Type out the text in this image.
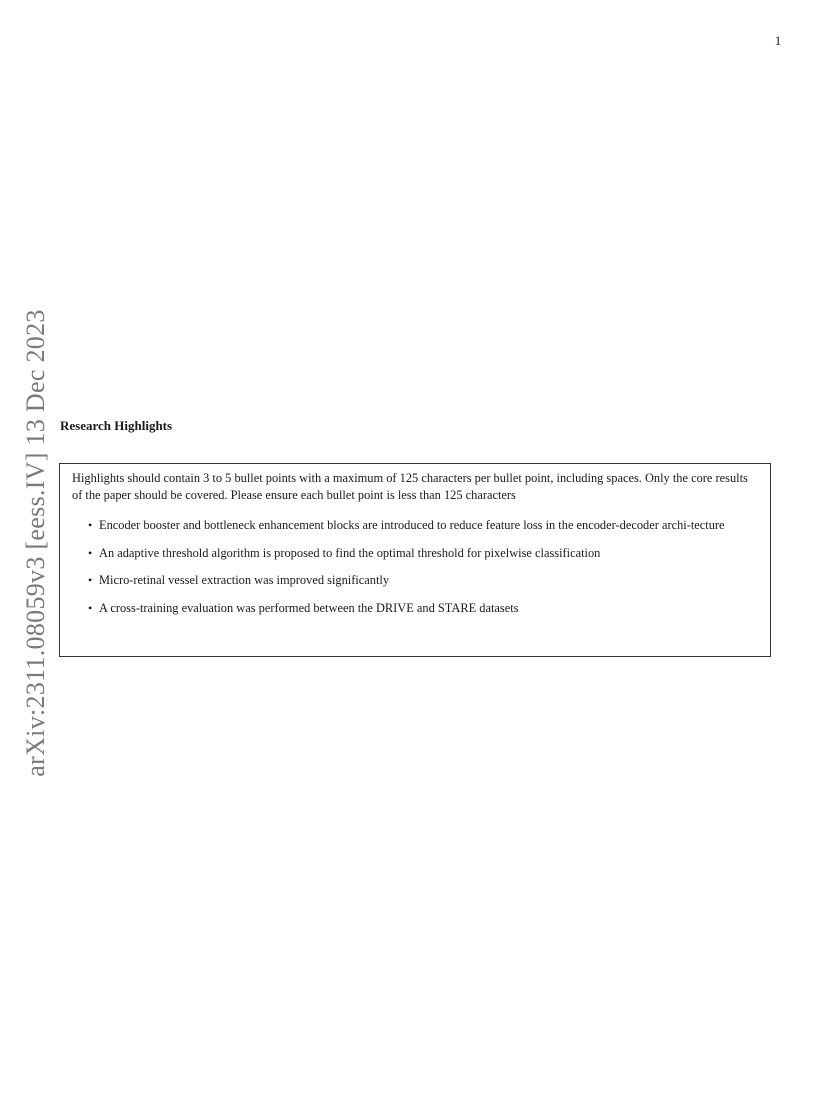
1
arXiv:2311.08059v3 [eess.IV] 13 Dec 2023 Research Highlights

Highlights should contain 3 to 5 bullet points with a maximum of 125 characters per bullet point, including spaces. Only the core results of the paper should be covered. Please ensure each bullet point is less than 125 characters

• Encoder booster and bottleneck enhancement blocks are introduced to reduce feature loss in the encoder-decoder archi-tecture
• An adaptive threshold algorithm is proposed to find the optimal threshold for pixelwise classification
• Micro-retinal vessel extraction was improved significantly
• A cross-training evaluation was performed between the DRIVE and STARE datasets
